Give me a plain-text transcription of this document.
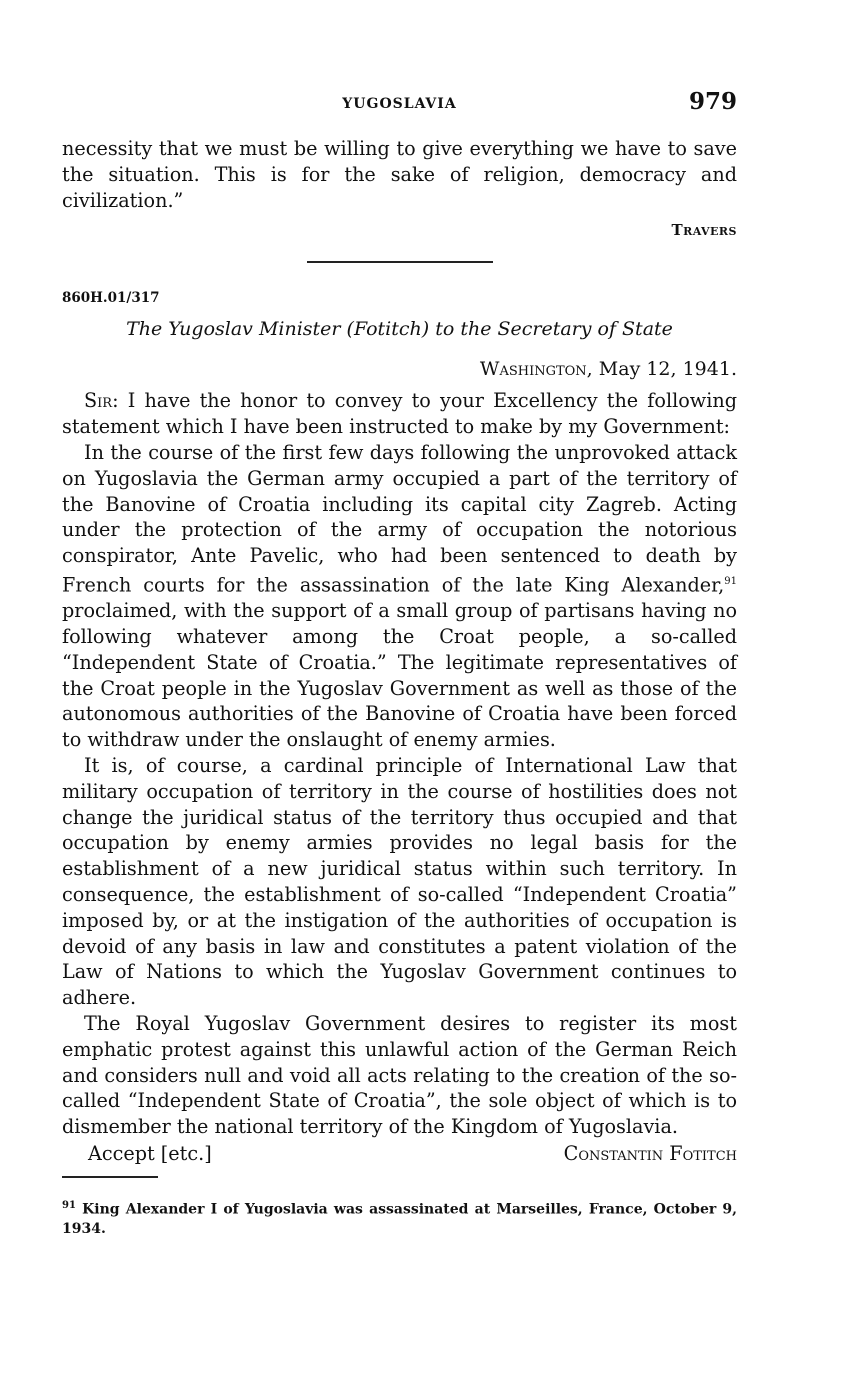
YUGOSLAVIA	979

necessity that we must be willing to give everything we have to save the situation. This is for the sake of religion, democracy and civilization.”

Travers
860H.01/317
The Yugoslav Minister (Fotitch) to the Secretary of State
Washington, May 12, 1941.

Sir: I have the honor to convey to your Excellency the following statement which I have been instructed to make by my Government:

In the course of the first few days following the unprovoked attack on Yugoslavia the German army occupied a part of the territory of the Banovine of Croatia including its capital city Zagreb. Acting under the protection of the army of occupation the notorious conspirator, Ante Pavelic, who had been sentenced to death by French courts for the assassination of the late King Alexander,$^{91}$ proclaimed, with the support of a small group of partisans having no following whatever among the Croat people, a so-called “Independent State of Croatia.” The legitimate representatives of the Croat people in the Yugoslav Government as well as those of the autonomous authorities of the Banovine of Croatia have been forced to withdraw under the onslaught of enemy armies.

It is, of course, a cardinal principle of International Law that military occupation of territory in the course of hostilities does not change the juridical status of the territory thus occupied and that occupation by enemy armies provides no legal basis for the establishment of a new juridical status within such territory. In consequence, the establishment of so-called “Independent Croatia” imposed by, or at the instigation of the authorities of occupation is devoid of any basis in law and constitutes a patent violation of the Law of Nations to which the Yugoslav Government continues to adhere.

The Royal Yugoslav Government desires to register its most emphatic protest against this unlawful action of the German Reich and considers null and void all acts relating to the creation of the so-called “Independent State of Croatia”, the sole object of which is to dismember the national territory of the Kingdom of Yugoslavia.

Accept [etc.]	Constantin Fotitch

$^{91}$ King Alexander I of Yugoslavia was assassinated at Marseilles, France, October 9, 1934.
